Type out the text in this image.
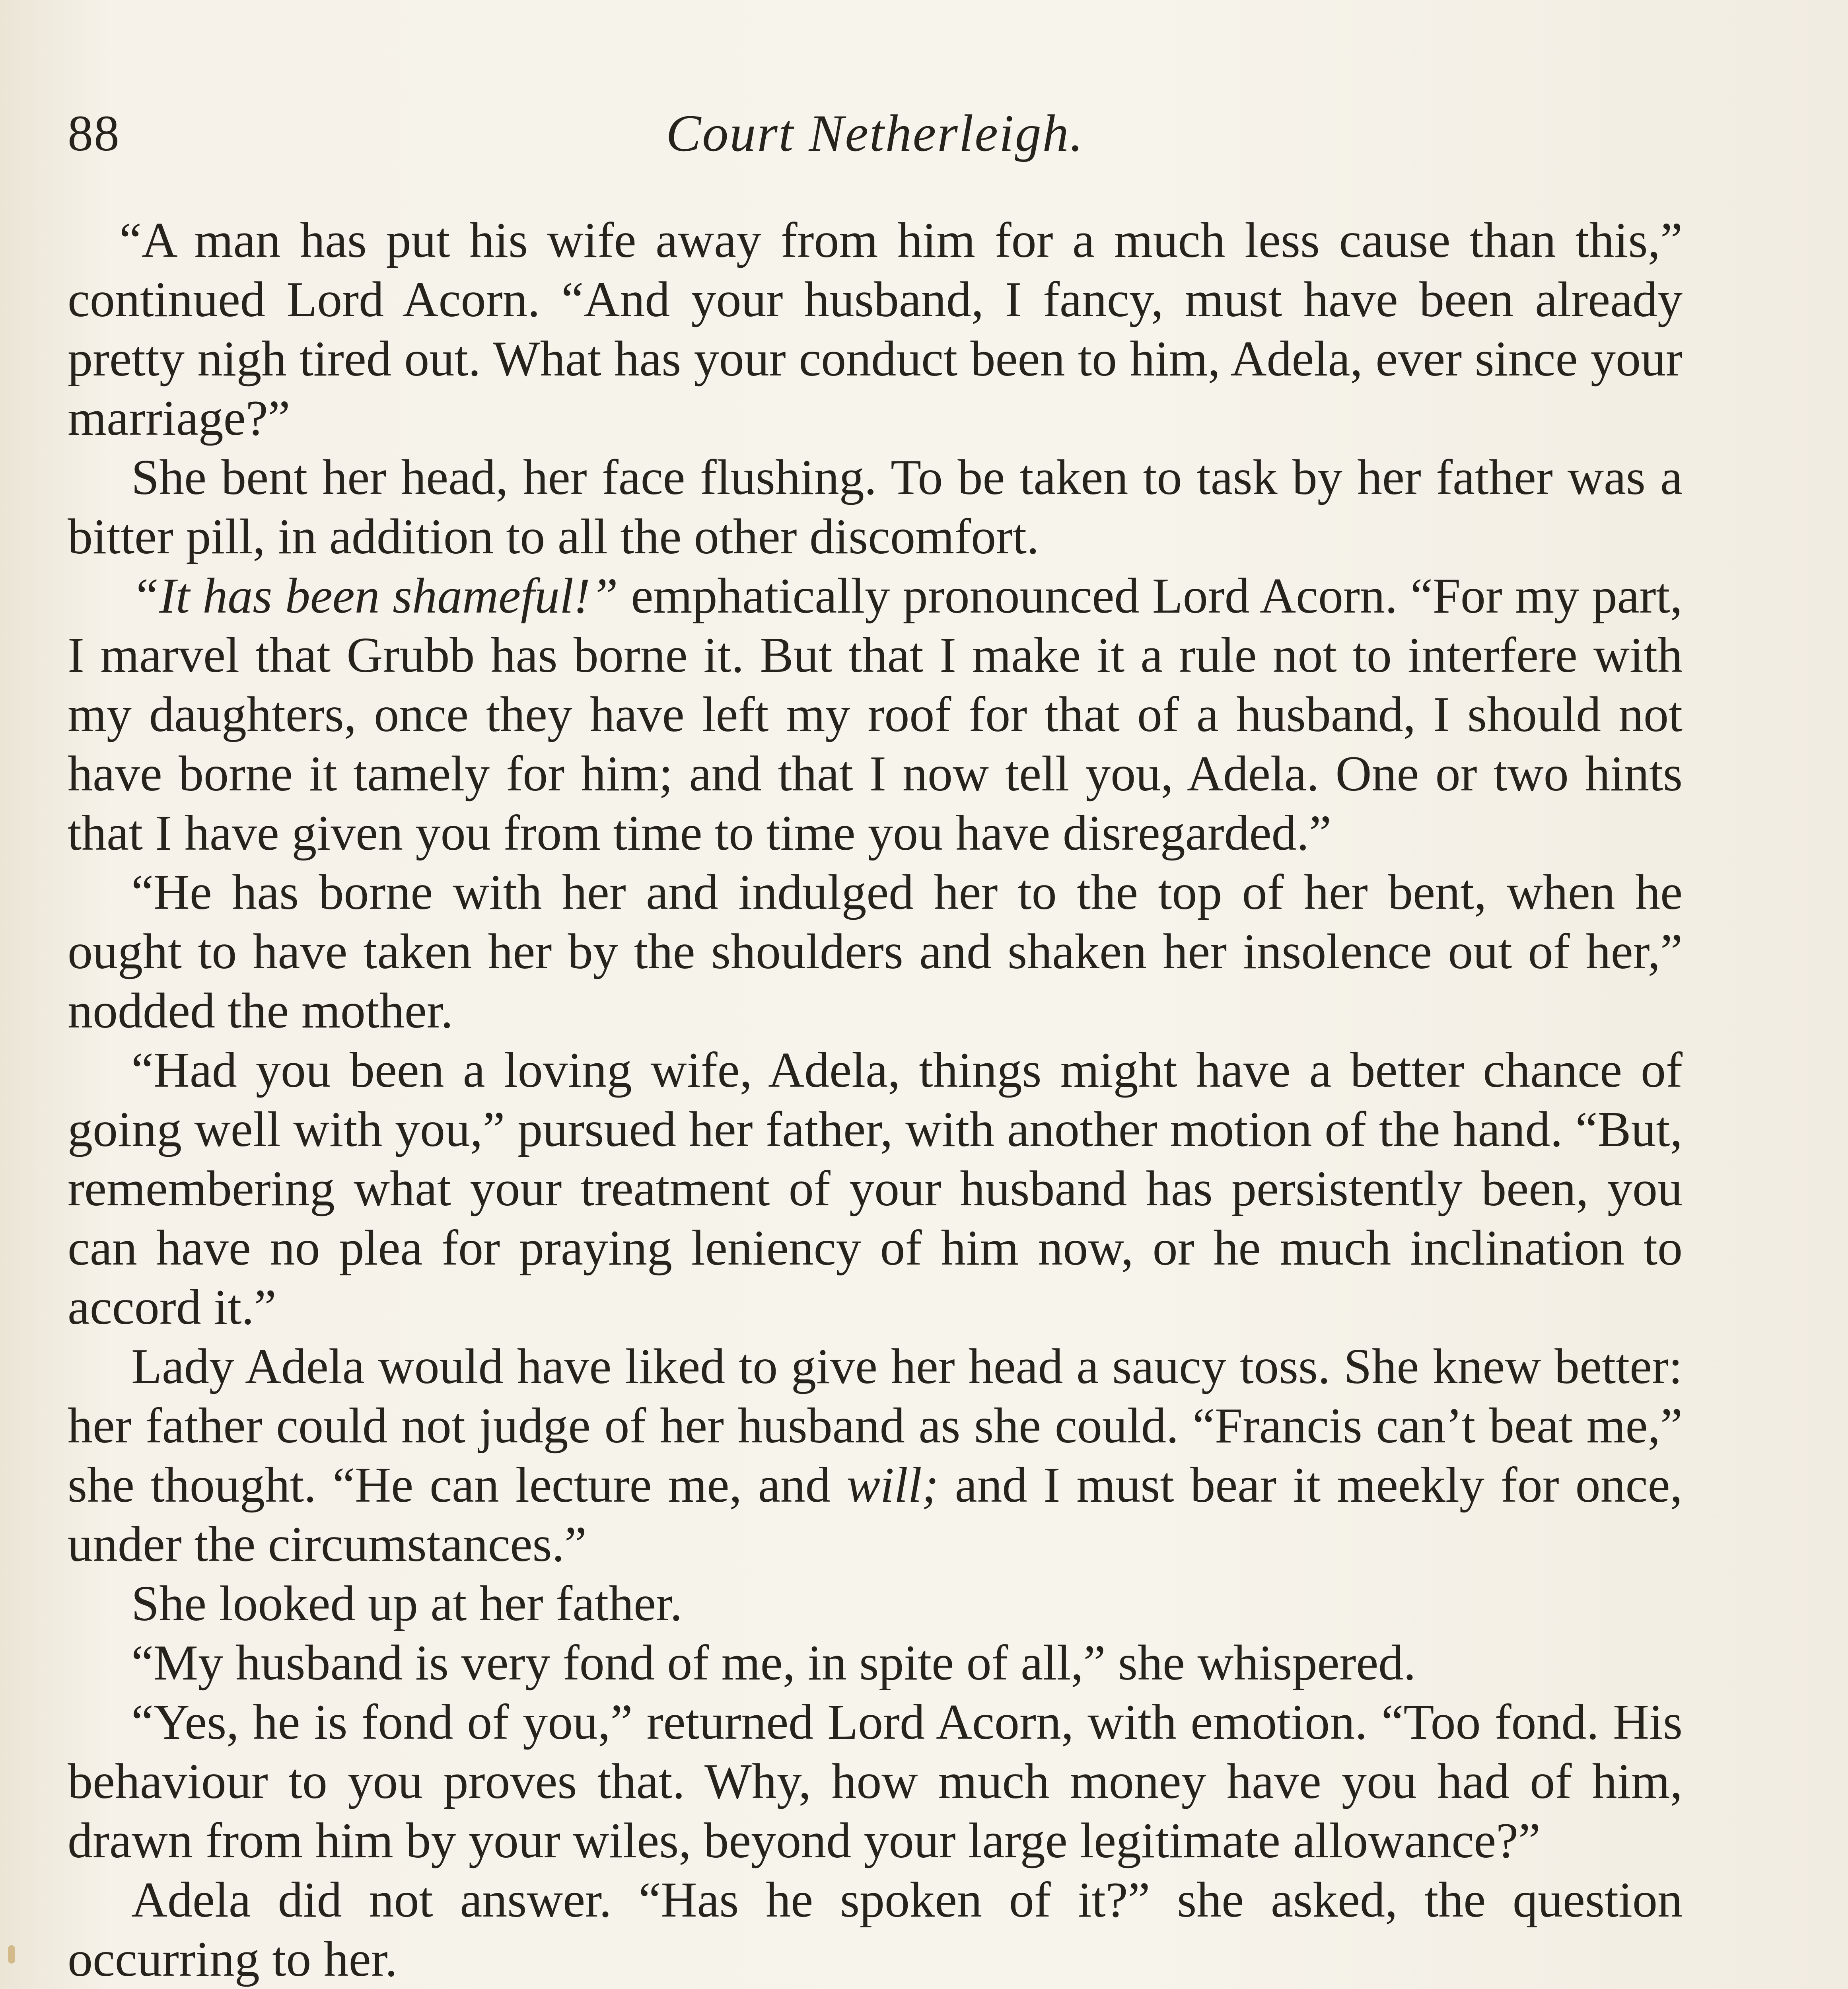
88	Court Netherleigh.

“A man has put his wife away from him for a much less cause than this,” continued Lord Acorn. “And your husband, I fancy, must have been already pretty nigh tired out. What has your conduct been to him, Adela, ever since your marriage?”

She bent her head, her face flushing. To be taken to task by her father was a bitter pill, in addition to all the other discomfort.

“It has been shameful!” emphatically pronounced Lord Acorn. “For my part, I marvel that Grubb has borne it. But that I make it a rule not to interfere with my daughters, once they have left my roof for that of a husband, I should not have borne it tamely for him; and that I now tell you, Adela. One or two hints that I have given you from time to time you have disregarded.”

“He has borne with her and indulged her to the top of her bent, when he ought to have taken her by the shoulders and shaken her insolence out of her,” nodded the mother.

“Had you been a loving wife, Adela, things might have a better chance of going well with you,” pursued her father, with another motion of the hand. “But, remembering what your treatment of your husband has persistently been, you can have no plea for praying leniency of him now, or he much inclination to accord it.”

Lady Adela would have liked to give her head a saucy toss. She knew better: her father could not judge of her husband as she could. “Francis can’t beat me,” she thought. “He can lecture me, and will; and I must bear it meekly for once, under the circumstances.”

She looked up at her father.

“My husband is very fond of me, in spite of all,” she whispered.

“Yes, he is fond of you,” returned Lord Acorn, with emotion. “Too fond. His behaviour to you proves that. Why, how much money have you had of him, drawn from him by your wiles, beyond your large legitimate allowance?”

Adela did not answer. “Has he spoken of it?” she asked, the question occurring to her.
